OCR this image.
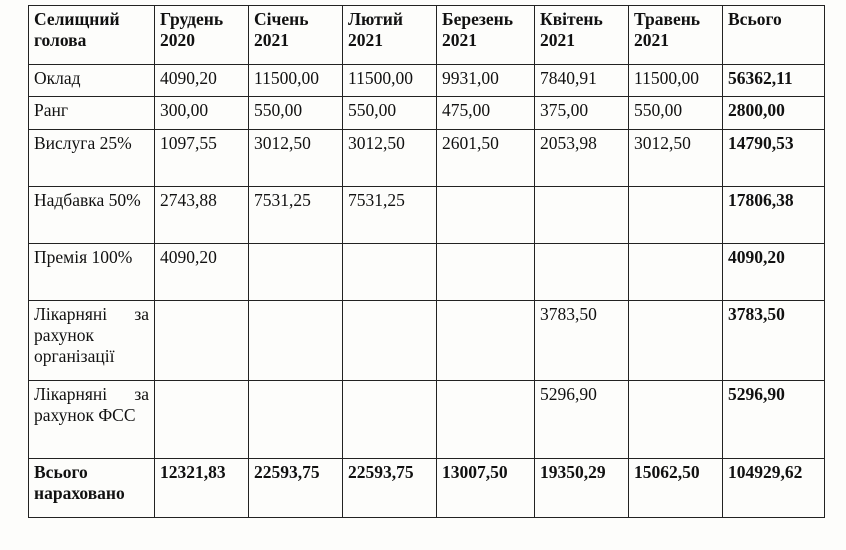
Селищний голова	Грудень 2020	Січень 2021	Лютий 2021	Березень 2021	Квітень 2021	Травень 2021	Всього
Оклад	4090,20	11500,00	11500,00	9931,00	7840,91	11500,00	56362,11
Ранг	300,00	550,00	550,00	475,00	375,00	550,00	2800,00
Вислуга 25%	1097,55	3012,50	3012,50	2601,50	2053,98	3012,50	14790,53
Надбавка 50%	2743,88	7531,25	7531,25				17806,38
Премія 100%	4090,20						4090,20
Лікарняні за рахунок організації					3783,50		3783,50
Лікарняні за рахунок ФСС					5296,90		5296,90
Всього нараховано	12321,83	22593,75	22593,75	13007,50	19350,29	15062,50	104929,62
